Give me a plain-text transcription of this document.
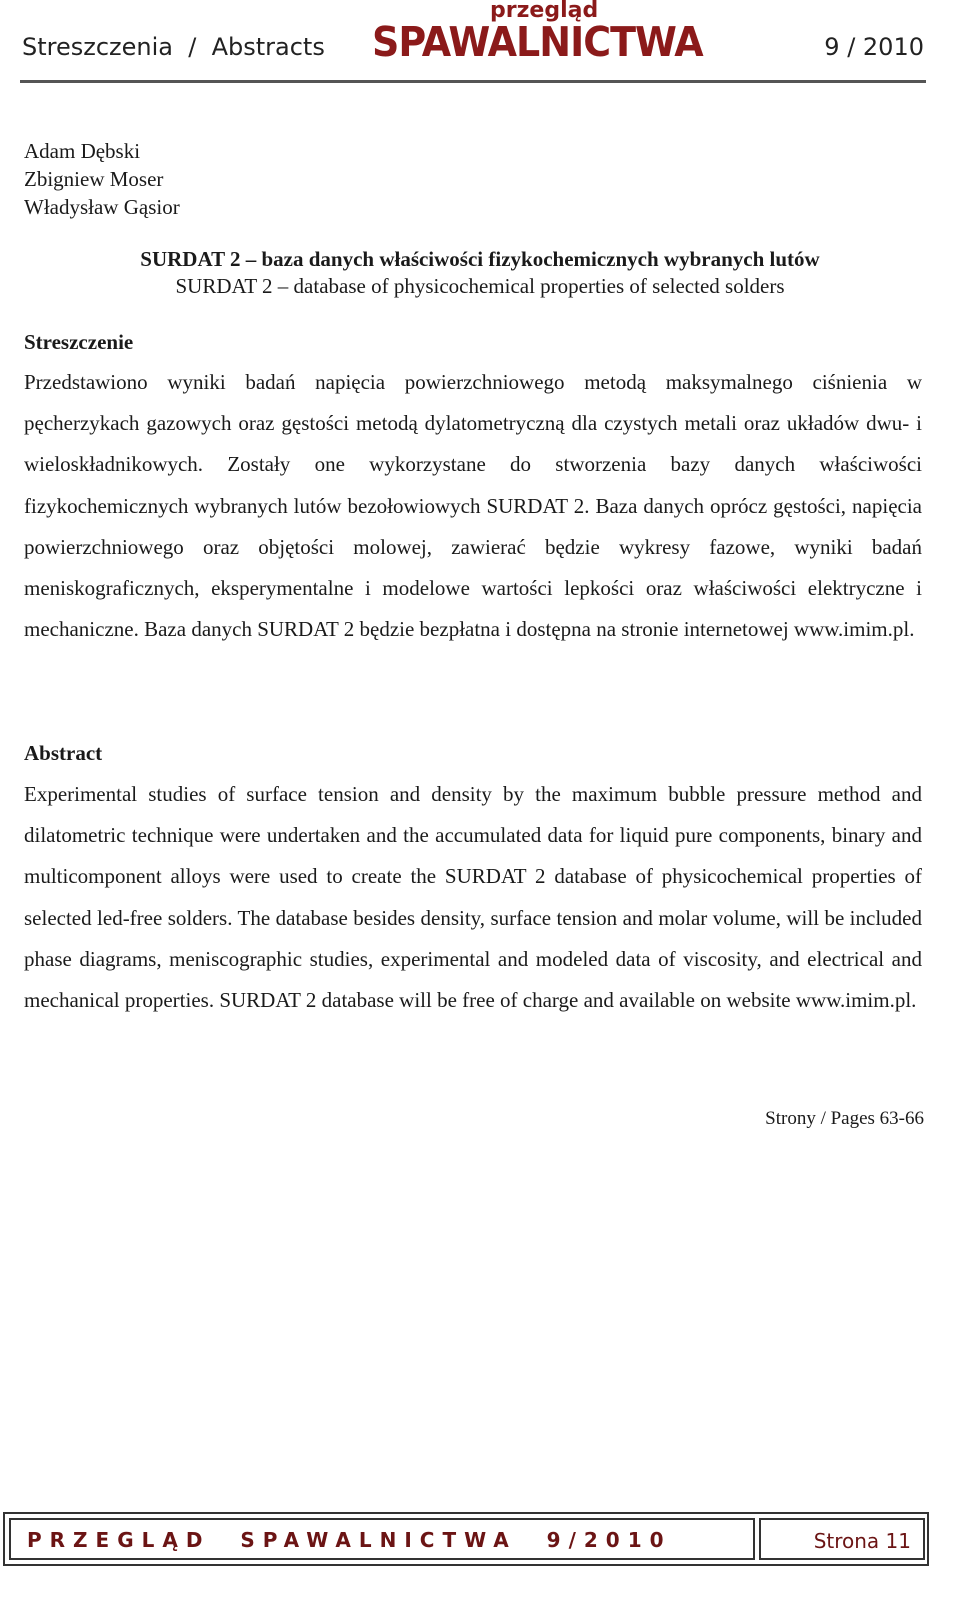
Streszczenia  /  Abstracts
przegląd
SPAWALNICTWA	9 / 2010
Adam Dębski
Zbigniew Moser
Władysław Gąsior
SURDAT 2 – baza danych właściwości fizykochemicznych wybranych lutów
SURDAT 2 – database of physicochemical properties of selected solders
Streszczenie

Przedstawiono wyniki badań napięcia powierzchniowego metodą maksymalnego ciśnienia w pęcherzykach gazowych oraz gęstości metodą dylatometryczną dla czystych metali oraz układów dwu- i wieloskładnikowych. Zostały one wykorzystane do stworzenia bazy danych właściwości fizykochemicznych wybranych lutów bezołowiowych SURDAT 2. Baza danych oprócz gęstości, napięcia powierzchniowego oraz objętości molowej, zawierać będzie wykresy fazowe, wyniki badań meniskograficznych, eksperymentalne i modelowe wartości lepkości oraz właściwości elektryczne i mechaniczne. Baza danych SURDAT 2 będzie bezpłatna i dostępna na stronie internetowej www.imim.pl.

Abstract

Experimental studies of surface tension and density by the maximum bubble pressure method and dilatometric technique were undertaken and the accumulated data for liquid pure components, binary and multicomponent alloys were used to create the SURDAT 2 database of physicochemical properties of selected led-free solders. The database besides density, surface tension and molar volume, will be included phase diagrams, meniscographic studies, experimental and modeled data of viscosity, and electrical and mechanical properties. SURDAT 2 database will be free of charge and available on website www.imim.pl.

Strony / Pages 63-66
PRZEGLĄD  SPAWALNICTWA  9/2010	Strona 11
